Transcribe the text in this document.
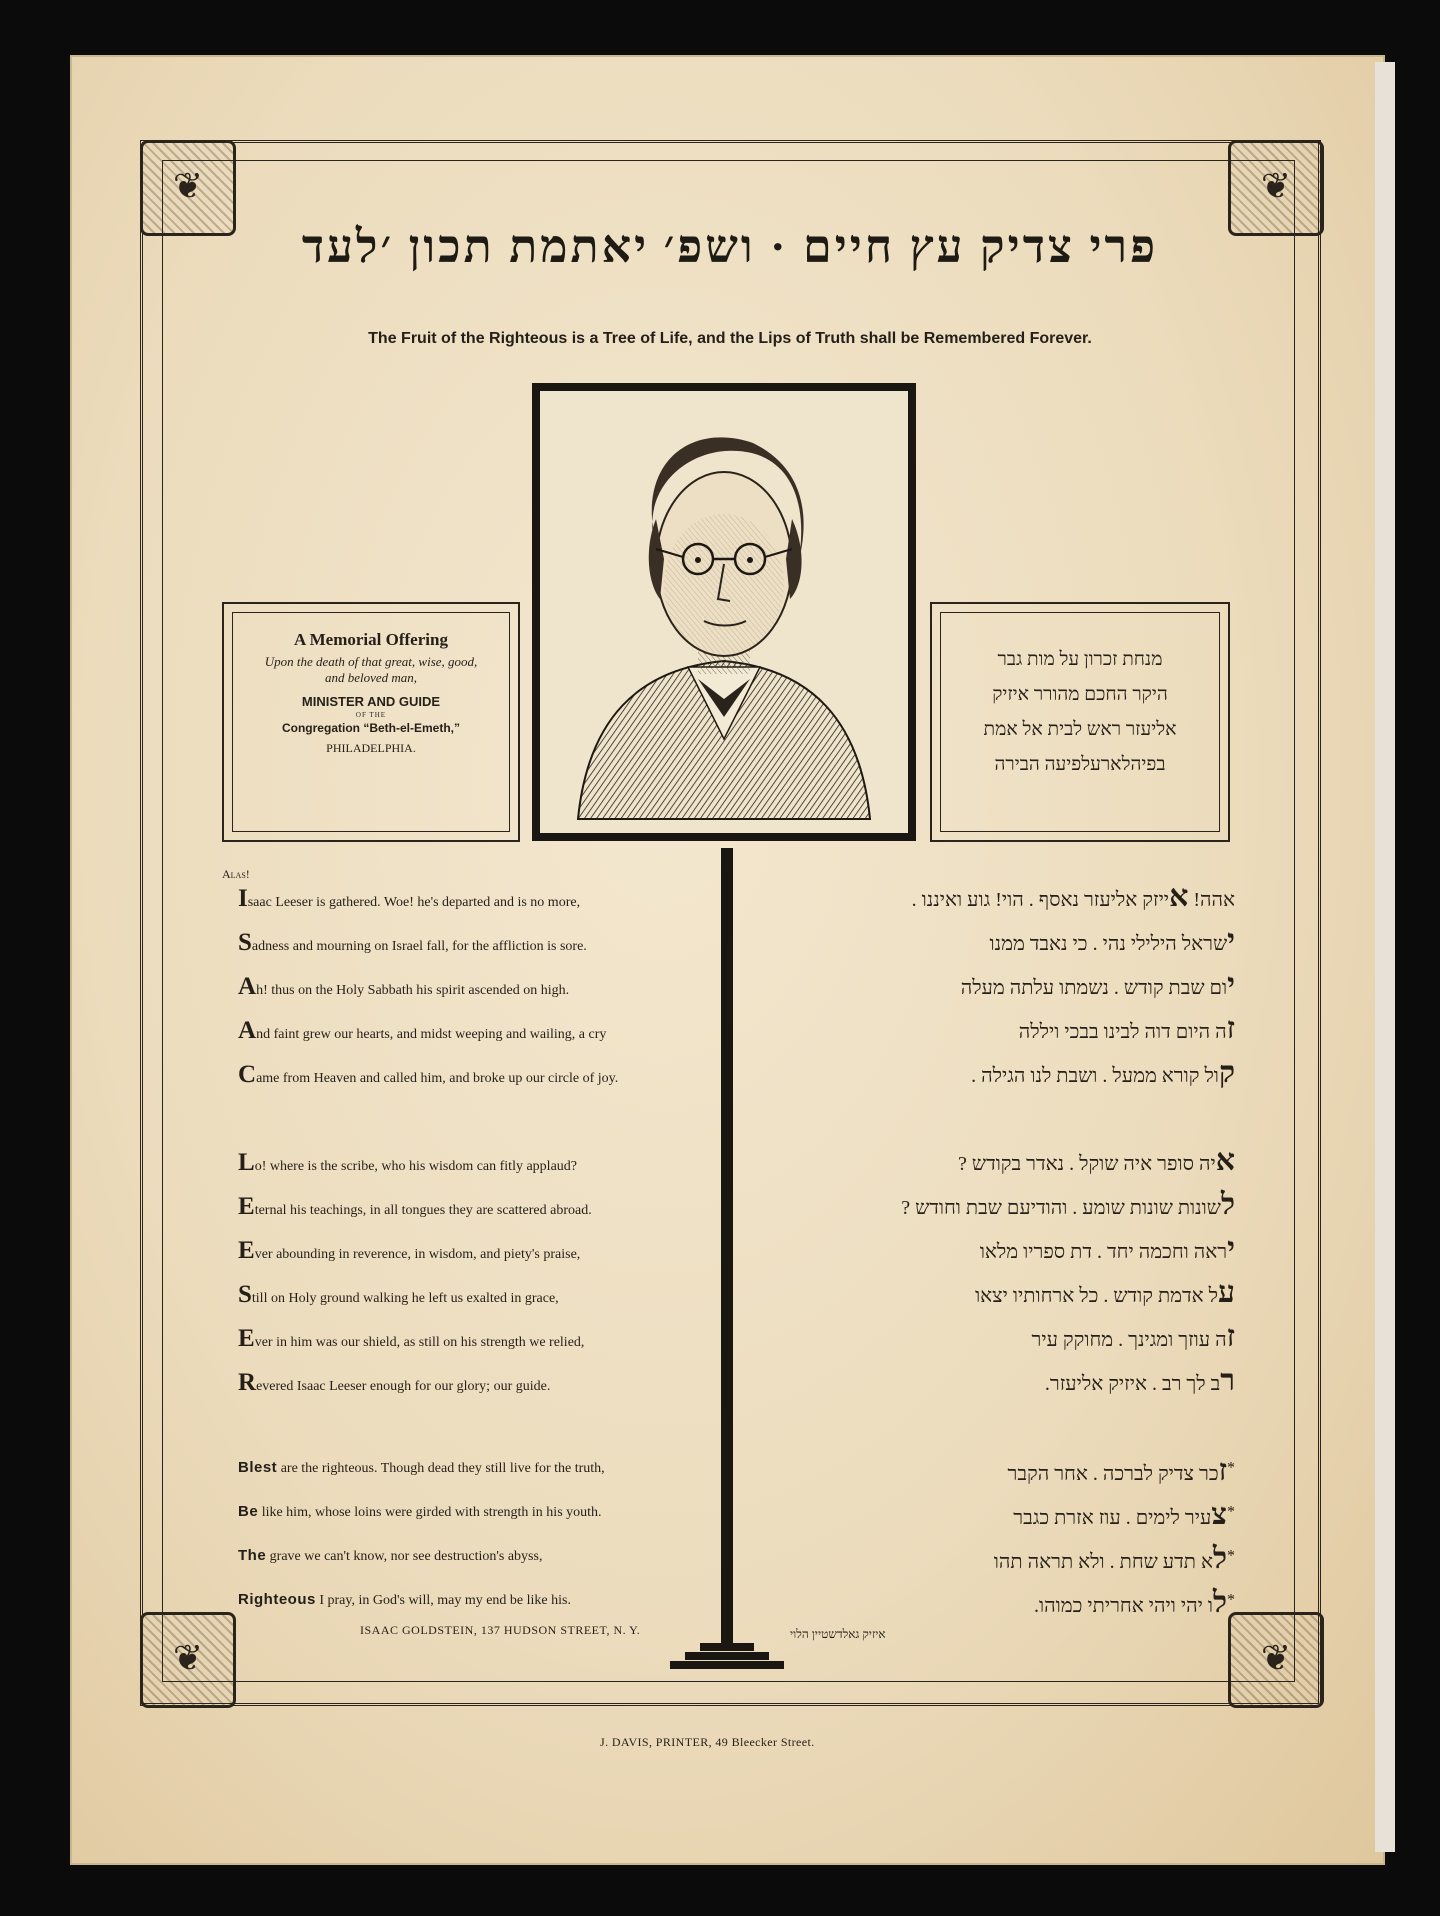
❦	❦
❦	❦
פרי צדיק עץ חיים · ושפ׳ יאתמת תכון ׳לעד
The Fruit of the Righteous is a Tree of Life, and the Lips of Truth shall be Remembered Forever.
A Memorial Offering
Upon the death of that great, wise, good, and beloved man,
MINISTER AND GUIDE
OF THE
Congregation “Beth-el-Emeth,”
PHILADELPHIA.
מנחת זכרון על מות גבר
היקר החכם מהורר איזיק
אליעזר ראש לבית אל אמת
בפיהלארעלפיעה הבירה
Alas!
Isaac Leeser is gathered. Woe! he's departed and is no more,
Sadness and mourning on Israel fall, for the affliction is sore.
Ah! thus on the Holy Sabbath his spirit ascended on high.
And faint grew our hearts, and midst weeping and wailing, a cry
Came from Heaven and called him, and broke up our circle of joy.
Lo! where is the scribe, who his wisdom can fitly applaud?
Eternal his teachings, in all tongues they are scattered abroad.
Ever abounding in reverence, in wisdom, and piety's praise,
Still on Holy ground walking he left us exalted in grace,
Ever in him was our shield, as still on his strength we relied,
Revered Isaac Leeser enough for our glory; our guide.
Blest are the righteous. Though dead they still live for the truth,
Be like him, whose loins were girded with strength in his youth.
The grave we can't know, nor see destruction's abyss,
Righteous I pray, in God's will, may my end be like his.
אהה! אייזק אליעזר נאסף . הוי! גוע ואיננו .
ישראל הילילי נהי . כי נאבד ממנו
יום שבת קודש . נשמתו עלתה מעלה
זה היום דוה לבינו בבכי ויללה
קול קורא ממעל . ושבת לנו הגילה .
איה סופר איה שוקל . נאדר בקודש ?
לשונות שונות שומע . והודיעם שבת וחודש ?
יראה וחכמה יחד . דת ספריו מלאו
על אדמת קודש . כל ארחותיו יצאו
זה עוזך ומגינך . מחוקק עיר
רב לך רב . איזיק אליעזר.
*זכר צדיק לברכה . אחר הקבר
*צעיר לימים . עוז אזרת כגבר
*לא תדע שחת . ולא תראה תהו
*לו יהי ויהי אחריתי כמוהו.
ISAAC GOLDSTEIN, 137 HUDSON STREET, N. Y.	איזיק גאלדשטיין הלוי
J. DAVIS, PRINTER, 49 Bleecker Street.
